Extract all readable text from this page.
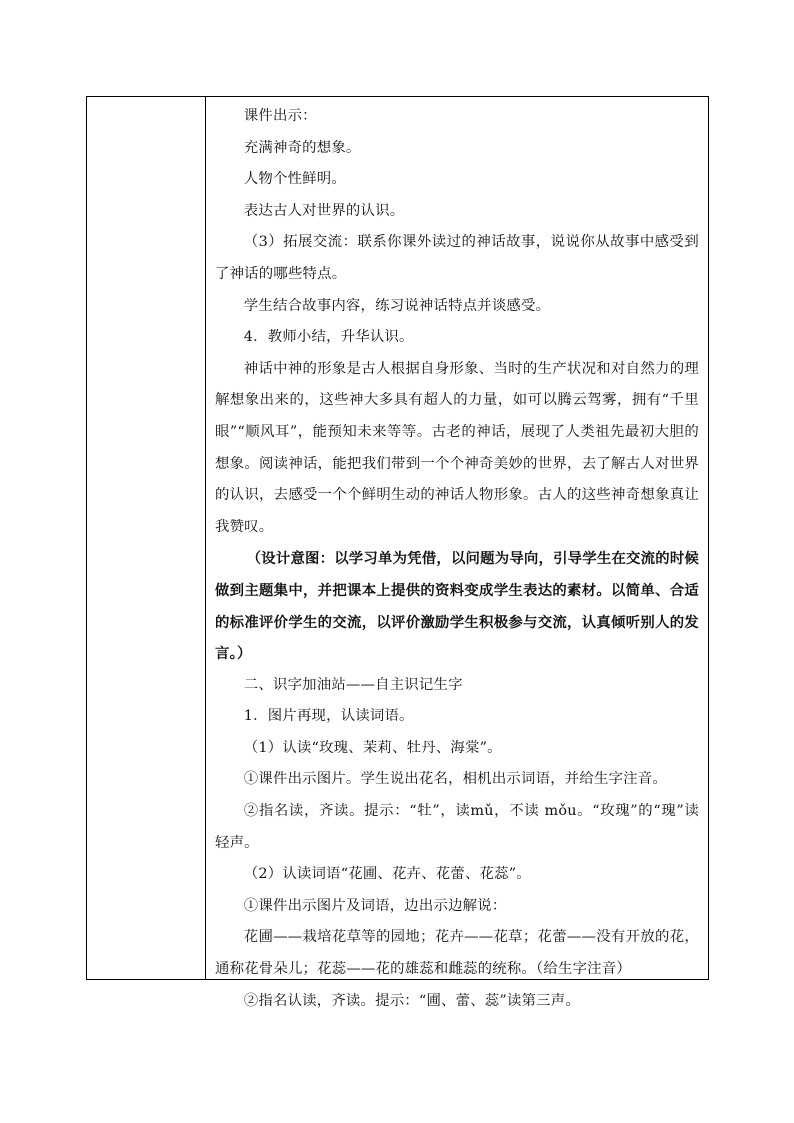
课件出示：

充满神奇的想象。

人物个性鲜明。

表达古人对世界的认识。

（3）拓展交流：联系你课外读过的神话故事，说说你从故事中感受到了神话的哪些特点。

学生结合故事内容，练习说神话特点并谈感受。

4．教师小结，升华认识。

神话中神的形象是古人根据自身形象、当时的生产状况和对自然力的理解想象出来的，这些神大多具有超人的力量，如可以腾云驾雾，拥有“千里眼”“顺风耳”，能预知未来等等。古老的神话，展现了人类祖先最初大胆的想象。阅读神话，能把我们带到一个个神奇美妙的世界，去了解古人对世界的认识，去感受一个个鲜明生动的神话人物形象。古人的这些神奇想象真让我赞叹。

（设计意图：以学习单为凭借，以问题为导向，引导学生在交流的时候做到主题集中，并把课本上提供的资料变成学生表达的素材。以简单、合适的标准评价学生的交流，以评价激励学生积极参与交流，认真倾听别人的发言。）

二、识字加油站——自主识记生字

1．图片再现，认读词语。

（1）认读“玫瑰、茉莉、牡丹、海棠”。

①课件出示图片。学生说出花名，相机出示词语，并给生字注音。

②指名读，齐读。提示：“牡”，读mǔ，不读 mǒu。“玫瑰”的“瑰”读轻声。

（2）认读词语“花圃、花卉、花蕾、花蕊”。

①课件出示图片及词语，边出示边解说：

花圃——栽培花草等的园地；花卉——花草；花蕾——没有开放的花，通称花骨朵儿；花蕊——花的雄蕊和雌蕊的统称。（给生字注音）

②指名认读，齐读。提示：“圃、蕾、蕊”读第三声。
